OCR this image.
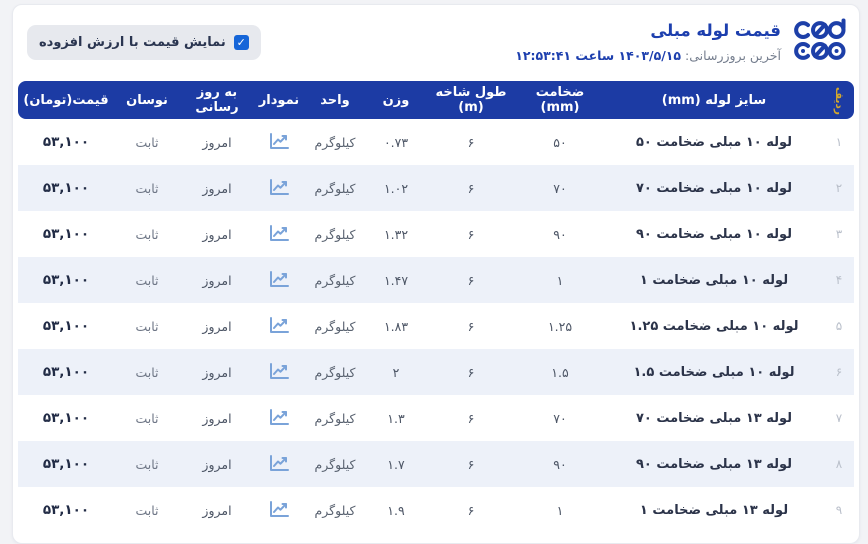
قیمت لوله مبلی
آخرین بروزرسانی: ۱۴۰۳/۵/۱۵ ساعت ۱۲:۵۳:۴۱
✓
نمایش قیمت با ارزش افزوده
ردیف	سایز لوله (mm)	ضخامت (mm)	طول شاخه (m)	وزن	واحد	نمودار	به روز رسانی	نوسان	قیمت(تومان)
۱	لوله ۱۰ مبلی ضخامت ۵۰	۵۰	۶	۰.۷۳	کیلوگرم		امروز	ثابت	۵۳,۱۰۰
۲	لوله ۱۰ مبلی ضخامت ۷۰	۷۰	۶	۱.۰۲	کیلوگرم		امروز	ثابت	۵۳,۱۰۰
۳	لوله ۱۰ مبلی ضخامت ۹۰	۹۰	۶	۱.۳۲	کیلوگرم		امروز	ثابت	۵۳,۱۰۰
۴	لوله ۱۰ مبلی ضخامت ۱	۱	۶	۱.۴۷	کیلوگرم		امروز	ثابت	۵۳,۱۰۰
۵	لوله ۱۰ مبلی ضخامت ۱.۲۵	۱.۲۵	۶	۱.۸۳	کیلوگرم		امروز	ثابت	۵۳,۱۰۰
۶	لوله ۱۰ مبلی ضخامت ۱.۵	۱.۵	۶	۲	کیلوگرم		امروز	ثابت	۵۳,۱۰۰
۷	لوله ۱۳ مبلی ضخامت ۷۰	۷۰	۶	۱.۳	کیلوگرم		امروز	ثابت	۵۳,۱۰۰
۸	لوله ۱۳ مبلی ضخامت ۹۰	۹۰	۶	۱.۷	کیلوگرم		امروز	ثابت	۵۳,۱۰۰
۹	لوله ۱۳ مبلی ضخامت ۱	۱	۶	۱.۹	کیلوگرم		امروز	ثابت	۵۳,۱۰۰
